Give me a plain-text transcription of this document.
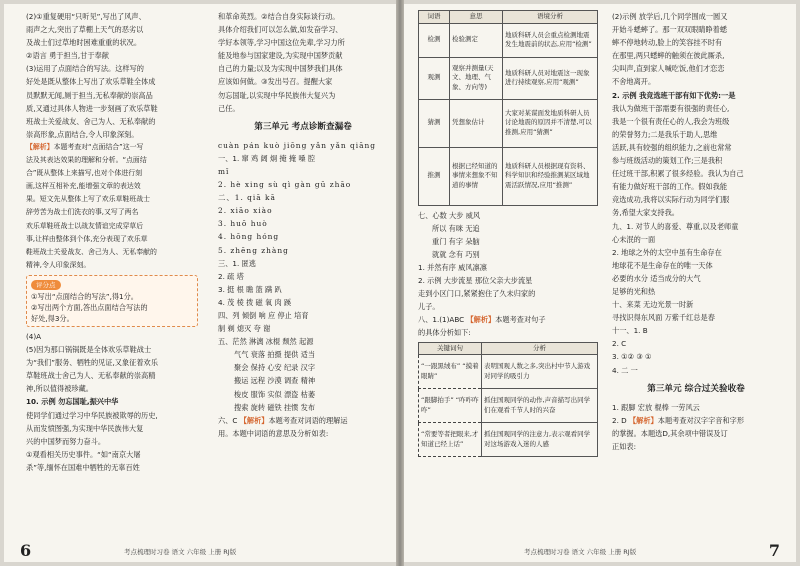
(2)①重复硬用“只听见”,写出了风声、
雨声之大,突出了草棚上天气的恶劣以
及战士们过草地时困难重重的状况。
②语言 勇于担当,甘于奉献
(3)运用了点面结合的写法。这样写的
好处是既从整体上写出了欢乐草鞋全体成
员默默无闻,厕于担当,无私奉献的崇高品
质,又通过具体人物进一步刻画了欢乐草鞋
班战士关爱战友、舍己为人、无私奉献的
崇高形象,点面结合,令人印象深刻。
【解析】本题考查对“点面结合”这一写
法及其表达效果的理解和分析。“点面结
合”既从整体上来描写,也对个体进行刻
画,这样互相补充,能增强文章的表达效
果。短文先从整体上写了欢乐草鞋班战士
辞劳苦为战士们洗衣的事,又写了两名
欢乐草鞋班战士以战友情谊完成穿草后
事,让样由整体到个体,充分表现了欢乐草
鞋班战士关爱战友、舍己为人、无私奉献的
精神,令人印象深刻。
评分点
①写出“点面结合的写法”,得1分。
②写出两个方面,答出点面结合写法的
好处,得3分。
(4)A
(5)因为那口锅锅既是全体欢乐草鞋战士
为“我们”服务、牺牲的见证,又象征着欢乐
草鞋班战士舍己为人、无私奉献的崇高精
神,所以值得被珍藏。
10. 示例 勿忘国耻,振兴中华
使同学们通过学习中华民族被欺辱的历史,
从而发愤图强,为实现中华民族伟大复
兴的中国梦而努力奋斗。
①观看相关历史事件。“如“南京大屠
杀”等,缅怀在国难中牺牲的无辜百姓
和革命英烈。②结合自身实际谈行动。
具体介绍我们可以怎么做,如发奋学习、
学好本领等,学习中国这位先辈,学习力所
能及地参与国家建设,为实现中国梦贡献
自己的力量;以及为实现中国梦我们具体
应该如何做。③发出号召。提醒大家
勿忘国耻,以实现中华民族伟大复兴为
己任。
第三单元 考点诊断查漏卷
cuàn pán kuò jiōng yǎn yǎn qiāng
一、1. 窜 鸡 阔 炯 掩 掩 嗓 腔
mǐ
2. hè xing sù qì gàn gū zhāo
二、1. qiā kā
2. xiāo xiào
3. huō huò
4. hōng hóng
5. zhēng zhàng
三、1. 匿逃
2. 疏 塔
3. 挺 根 瞻 篮 蹒 趴
4. 茂 棱 拨 磁 氧 肉 蹊
四、列 倾倒 响 应 停止 培育
制 剃 熄灭 夸 谢
五、茫然 淋漓 冰棍 颓然 起源
气气 衰落 拍摄 提供 适当
聚会 保持 心安 纪录 汉字
搬运 远程 沙漠 调查 精神
梭皮 服饰 实似 漂盗 枯萎
搜索 旋转 磁铁 挂惯 发布
六、C 【解析】本题考查对词语的理解运
用。本题中词语的意思及分析如表:
考点梳理时习卷 语文 六年级 上册 RJ版
6
词语	意思	语境分析
检测	检验测定	地质科研人员会重点检测地震发生地震前的状态,应用“检测”
观测	观察并测量(天文、地理、气象、方向等)	地质科研人员对地震这一现象进行持续观察,应用“观测”
猜测	凭想象估计	大家对某谋面发地质科研人员讨论地震的原因并不清楚,可以推测,应用“猜测”
推测	根据已经知道的事情来想象不知道的事情	地质科研人员根据现有资料、科学知识和经验推测某区域地震活跃情况,应用“推测”
七、心数 大步 威风
所以 有咪 无追
重门 有字 朵脑
就就 念有 巧别
1. 并然有序 威风凛凛
2. 示例 大步流星 那位父亲大步流星
走到小区门口,紧紧抱住了久未归家的
儿子。
八、1.(1)ABC 【解析】本题考查对句子
的具体分析如下:
关键词句	分析
“一跟黑绒布” “摸着眼睛”	表明国观人数之多,突出村中节人游戏对同学的吸引力
“跟脚拍手” “咋咋咋咋”	抓住国观同学的动作,声音描写出同学们在观看千节人时的兴奋
“常要等者把眼来,才知道已经上话”	抓住国观同学的注意力,表示观看同学对这场游戏入迷的人感
(2)示例 放学后,几个同学围成一圆又
开始斗蟋蟀了。那一双双眼睛睁着蟋
蟀不停地转动,脸上的笑容挂不时有
在那里,两只蟋蟀的触须在彼此厮杀,
尖叫声,直到家人喊吃饭,他们才恋恋
不舍地离开。
2. 示例 我竞选班干部有如下优势:一是
我认为做班干部需要有很强的责任心,
我是一个很有责任心的人,我会为班级
的荣誉努力;二是我乐于助人,思维
活跃,具有较强的组织能力,之前也常常
参与班级活动的策划工作;三是我积
任过班干部,积累了很多经验。我认为自己
有能力做好班干部的工作。假如我能
竞选成功,我将以实际行动为同学们服
务,希望大家支持我。
九、1. 对节人的喜爱、尊重,以及老师童
心未泯的一面
2. 地球之外的太空中虽有生命存在
地球花不是生命存在的唯一天体
必要的水分 适当成分的大气
足够的光和热
十、来菜 无边光景一时新
寻找识得东风面 万紫千红总是春
十一、1. B
2. C
3. ①② ③ ①
4. 二 一
第三单元 综合过关验收卷
1. 跟脚 宏放 棍棒 一劳风云
2. D 【解析】本题考查对汉字字音和字形
的掌握。本题选D,其余项中错误及订
正如表:
考点梳理时习卷 语文 六年级 上册 RJ版	7
